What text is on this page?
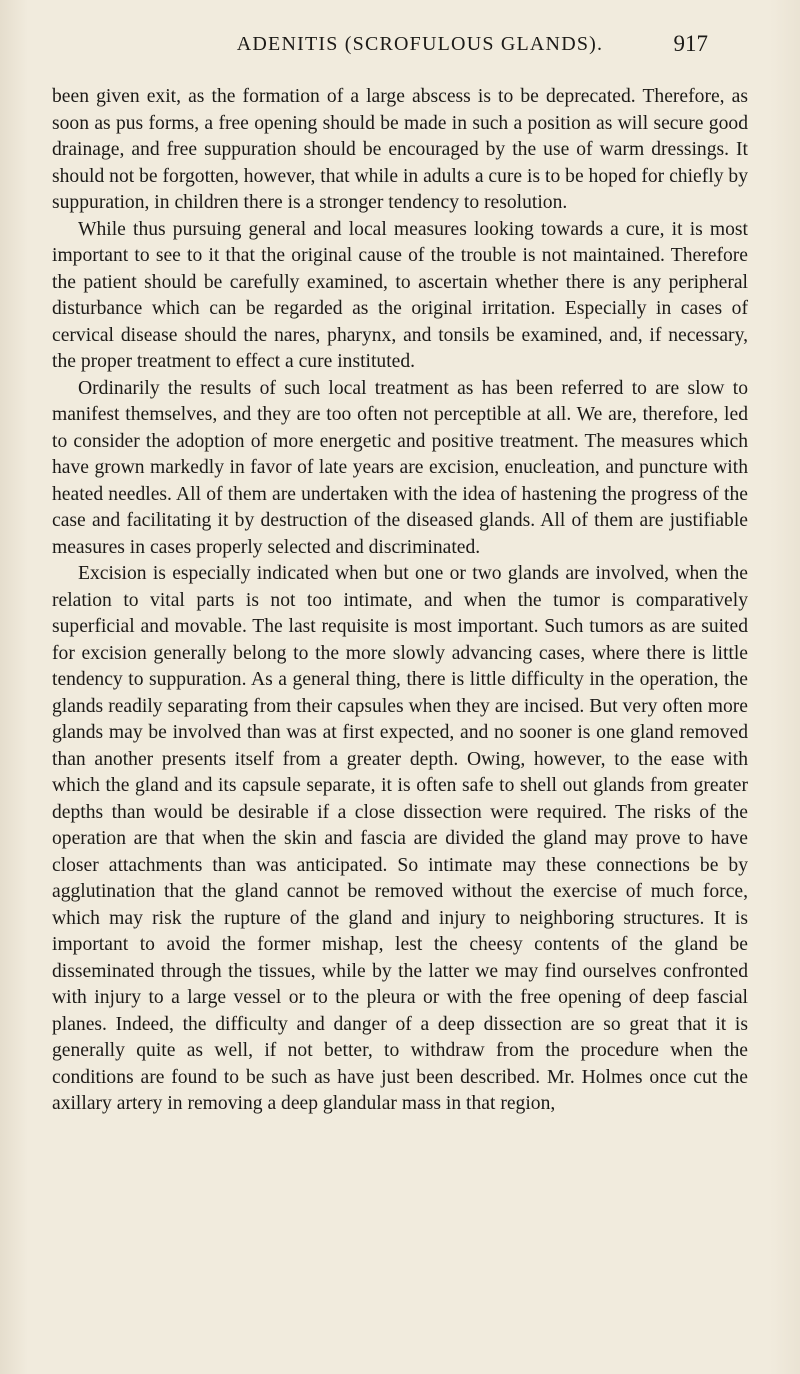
ADENITIS (SCROFULOUS GLANDS).	917

been given exit, as the formation of a large abscess is to be deprecated. Therefore, as soon as pus forms, a free opening should be made in such a position as will secure good drainage, and free suppuration should be encouraged by the use of warm dressings. It should not be forgotten, however, that while in adults a cure is to be hoped for chiefly by suppuration, in children there is a stronger tendency to resolution.

While thus pursuing general and local measures looking towards a cure, it is most important to see to it that the original cause of the trouble is not maintained. Therefore the patient should be carefully examined, to ascertain whether there is any peripheral disturbance which can be regarded as the original irritation. Especially in cases of cervical disease should the nares, pharynx, and tonsils be examined, and, if necessary, the proper treatment to effect a cure instituted.

Ordinarily the results of such local treatment as has been referred to are slow to manifest themselves, and they are too often not perceptible at all. We are, therefore, led to consider the adoption of more energetic and positive treatment. The measures which have grown markedly in favor of late years are excision, enucleation, and puncture with heated needles. All of them are undertaken with the idea of hastening the progress of the case and facilitating it by destruction of the diseased glands. All of them are justifiable measures in cases properly selected and discriminated.

Excision is especially indicated when but one or two glands are involved, when the relation to vital parts is not too intimate, and when the tumor is comparatively superficial and movable. The last requisite is most important. Such tumors as are suited for excision generally belong to the more slowly advancing cases, where there is little tendency to suppuration. As a general thing, there is little difficulty in the operation, the glands readily separating from their capsules when they are incised. But very often more glands may be involved than was at first expected, and no sooner is one gland removed than another presents itself from a greater depth. Owing, however, to the ease with which the gland and its capsule separate, it is often safe to shell out glands from greater depths than would be desirable if a close dissection were required. The risks of the operation are that when the skin and fascia are divided the gland may prove to have closer attachments than was anticipated. So intimate may these connections be by agglutination that the gland cannot be removed without the exercise of much force, which may risk the rupture of the gland and injury to neighboring structures. It is important to avoid the former mishap, lest the cheesy contents of the gland be disseminated through the tissues, while by the latter we may find ourselves confronted with injury to a large vessel or to the pleura or with the free opening of deep fascial planes. Indeed, the difficulty and danger of a deep dissection are so great that it is generally quite as well, if not better, to withdraw from the procedure when the conditions are found to be such as have just been described. Mr. Holmes once cut the axillary artery in removing a deep glandular mass in that region,
